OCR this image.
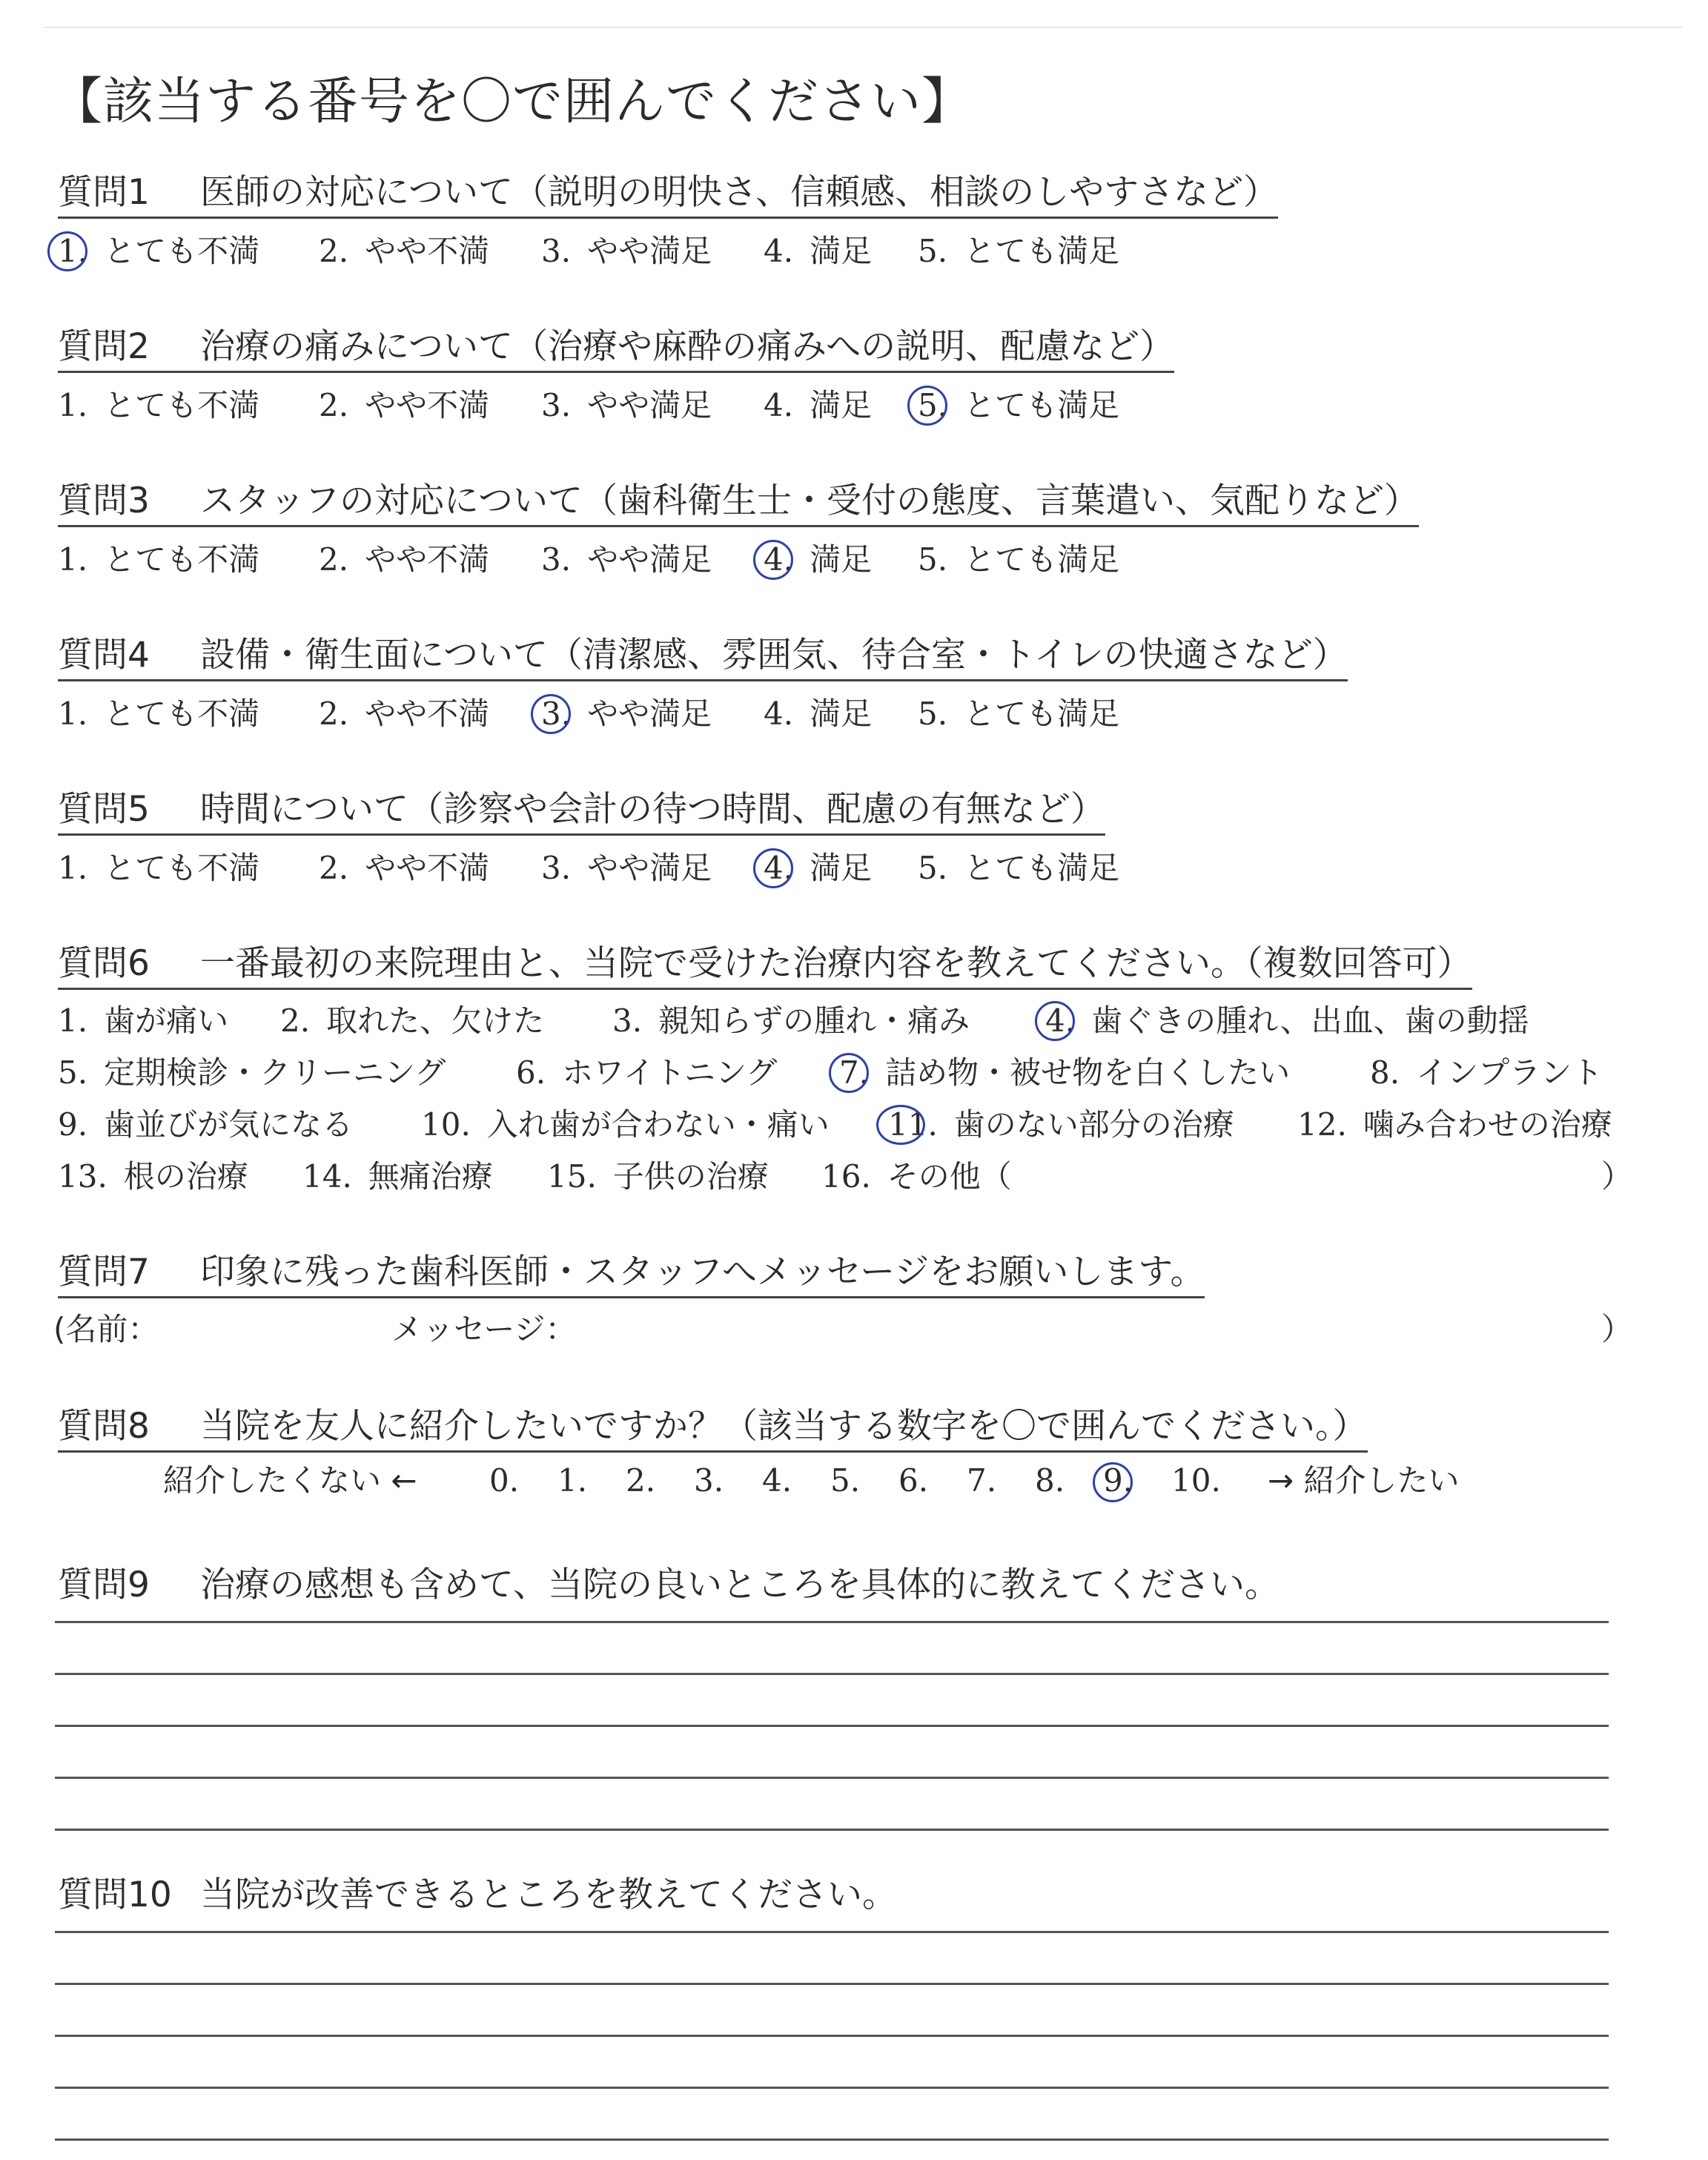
【該当する番号を〇で囲んでください】
質問1 医師の対応について（説明の明快さ、信頼感、相談のしやすさなど）
1. とても不満 2. やや不満 3. やや満足 4. 満足 5. とても満足
質問2 治療の痛みについて（治療や麻酔の痛みへの説明、配慮など）
1. とても不満 2. やや不満 3. やや満足 4. 満足 5. とても満足
質問3 スタッフの対応について（歯科衛生士・受付の態度、言葉遣い、気配りなど）
1. とても不満 2. やや不満 3. やや満足 4. 満足 5. とても満足
質問4 設備・衛生面について（清潔感、雰囲気、待合室・トイレの快適さなど）
1. とても不満 2. やや不満 3. やや満足 4. 満足 5. とても満足
質問5 時間について（診察や会計の待つ時間、配慮の有無など）
1. とても不満 2. やや不満 3. やや満足 4. 満足 5. とても満足
質問6 一番最初の来院理由と、当院で受けた治療内容を教えてください。（複数回答可）
1. 歯が痛い 2. 取れた、欠けた 3. 親知らずの腫れ・痛み 4. 歯ぐきの腫れ、出血、歯の動揺
5. 定期検診・クリーニング 6. ホワイトニング 7. 詰め物・被せ物を白くしたい	8. インプラント
9. 歯並びが気になる 10. 入れ歯が合わない・痛い 11. 歯のない部分の治療 12. 噛み合わせの治療
13. 根の治療 14. 無痛治療 15. 子供の治療 16. その他（	）
質問7 印象に残った歯科医師・スタッフへメッセージをお願いします。
(名前：	メッセージ：	）
質問8 当院を友人に紹介したいですか？（該当する数字を〇で囲んでください。）
紹介したくない ← 0. 1. 2. 3. 4. 5. 6. 7. 8. 9. 10. → 紹介したい
質問9 治療の感想も含めて、当院の良いところを具体的に教えてください。
質問10 当院が改善できるところを教えてください。
